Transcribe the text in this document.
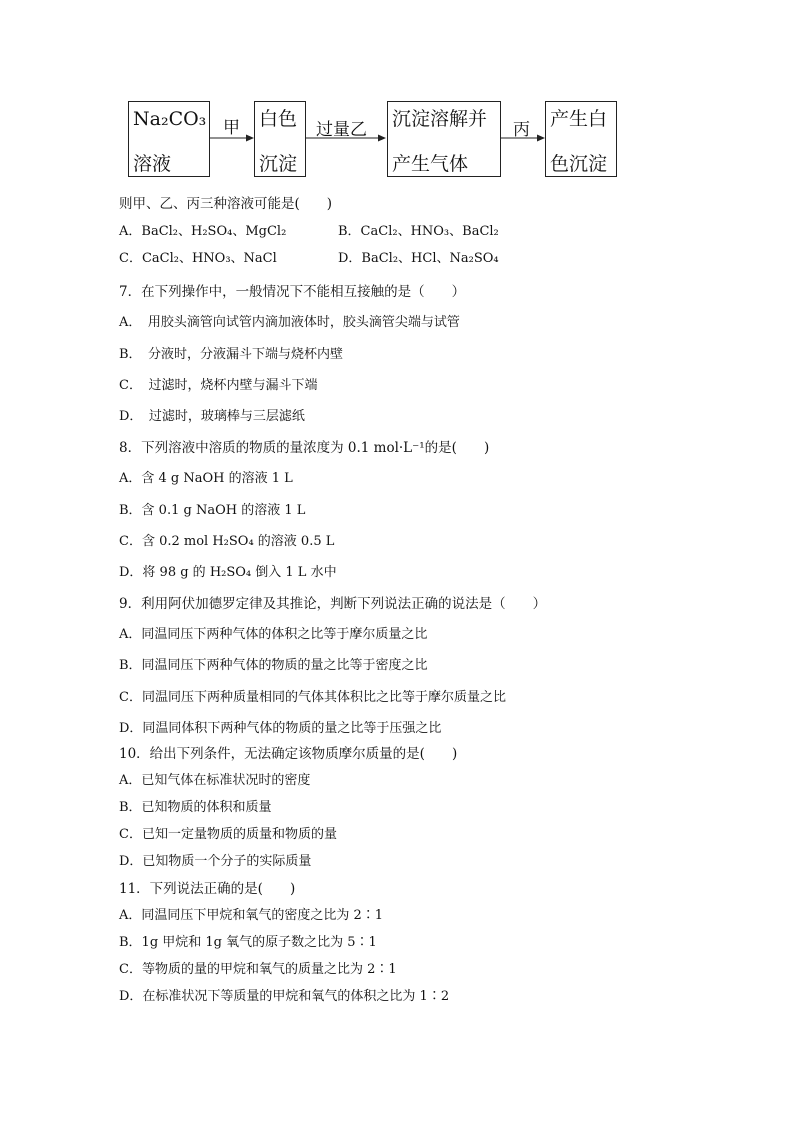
Na₂CO₃
溶液
甲 白色
沉淀
过量乙 沉淀溶解并
产生气体
丙 产生白
色沉淀
则甲、乙、丙三种溶液可能是(　　)
A．BaCl₂、H₂SO₄、MgCl₂	B．CaCl₂、HNO₃、BaCl₂
C．CaCl₂、HNO₃、NaCl	D．BaCl₂、HCl、Na₂SO₄
7．在下列操作中，一般情况下不能相互接触的是（　　）
A．　用胶头滴管向试管内滴加液体时，胶头滴管尖端与试管
B．　分液时，分液漏斗下端与烧杯内壁
C．　过滤时，烧杯内壁与漏斗下端
D．　过滤时，玻璃棒与三层滤纸
8．下列溶液中溶质的物质的量浓度为 0.1 mol·L⁻¹的是(　　)
A．含 4 g NaOH 的溶液 1 L
B．含 0.1 g NaOH 的溶液 1 L
C．含 0.2 mol H₂SO₄ 的溶液 0.5 L
D．将 98 g 的 H₂SO₄ 倒入 1 L 水中
9．利用阿伏加德罗定律及其推论，判断下列说法正确的说法是（　　）
A．同温同压下两种气体的体积之比等于摩尔质量之比
B．同温同压下两种气体的物质的量之比等于密度之比
C．同温同压下两种质量相同的气体其体积比之比等于摩尔质量之比
D．同温同体积下两种气体的物质的量之比等于压强之比
10．给出下列条件，无法确定该物质摩尔质量的是(　　)
A．已知气体在标准状况时的密度
B．已知物质的体积和质量
C．已知一定量物质的质量和物质的量
D．已知物质一个分子的实际质量
11．下列说法正确的是(　　)
A．同温同压下甲烷和氧气的密度之比为 2∶1
B．1g 甲烷和 1g 氧气的原子数之比为 5∶1
C．等物质的量的甲烷和氧气的质量之比为 2∶1
D．在标准状况下等质量的甲烷和氧气的体积之比为 1∶2
